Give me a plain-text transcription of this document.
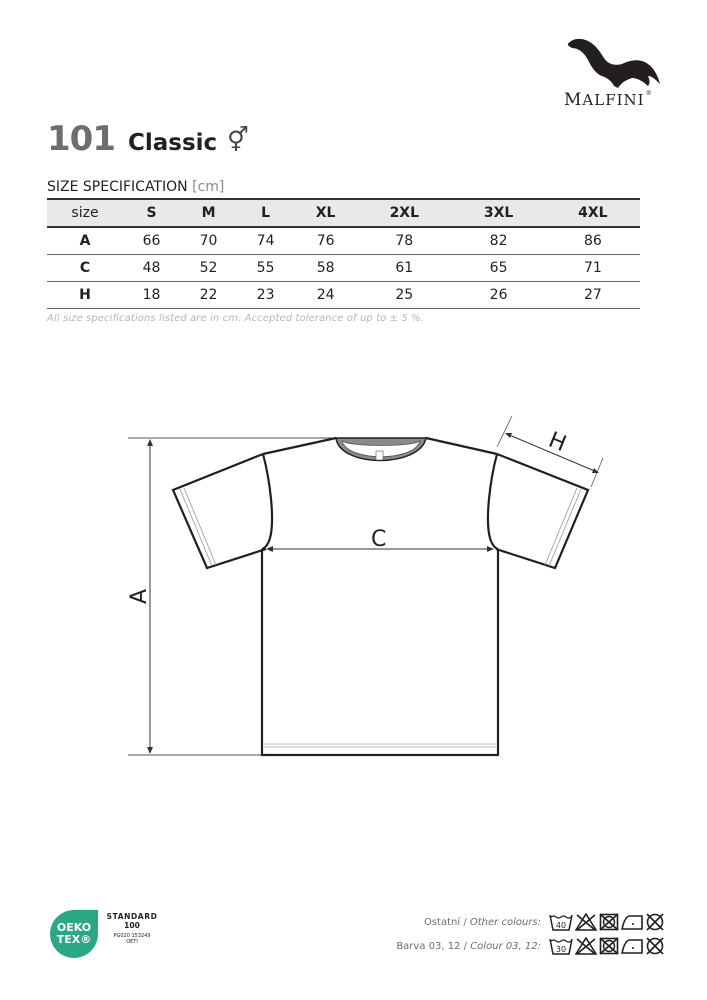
MALFINI®
101 Classic ⚥
SIZE SPECIFICATION [cm]
size	S	M	L	XL	2XL	3XL	4XL
A	66	70	74	76	78	82	86
C	48	52	55	58	61	65	71
H	18	22	23	24	25	26	27
All size specifications listed are in cm. Accepted tolerance of up to ± 5 %.
A
C
H
OEKO
TEX®
STANDARD
100
PG020 153249
OETI
Ostatní / Other colours: 40
Barva 03, 12 / Colour 03, 12: 30
